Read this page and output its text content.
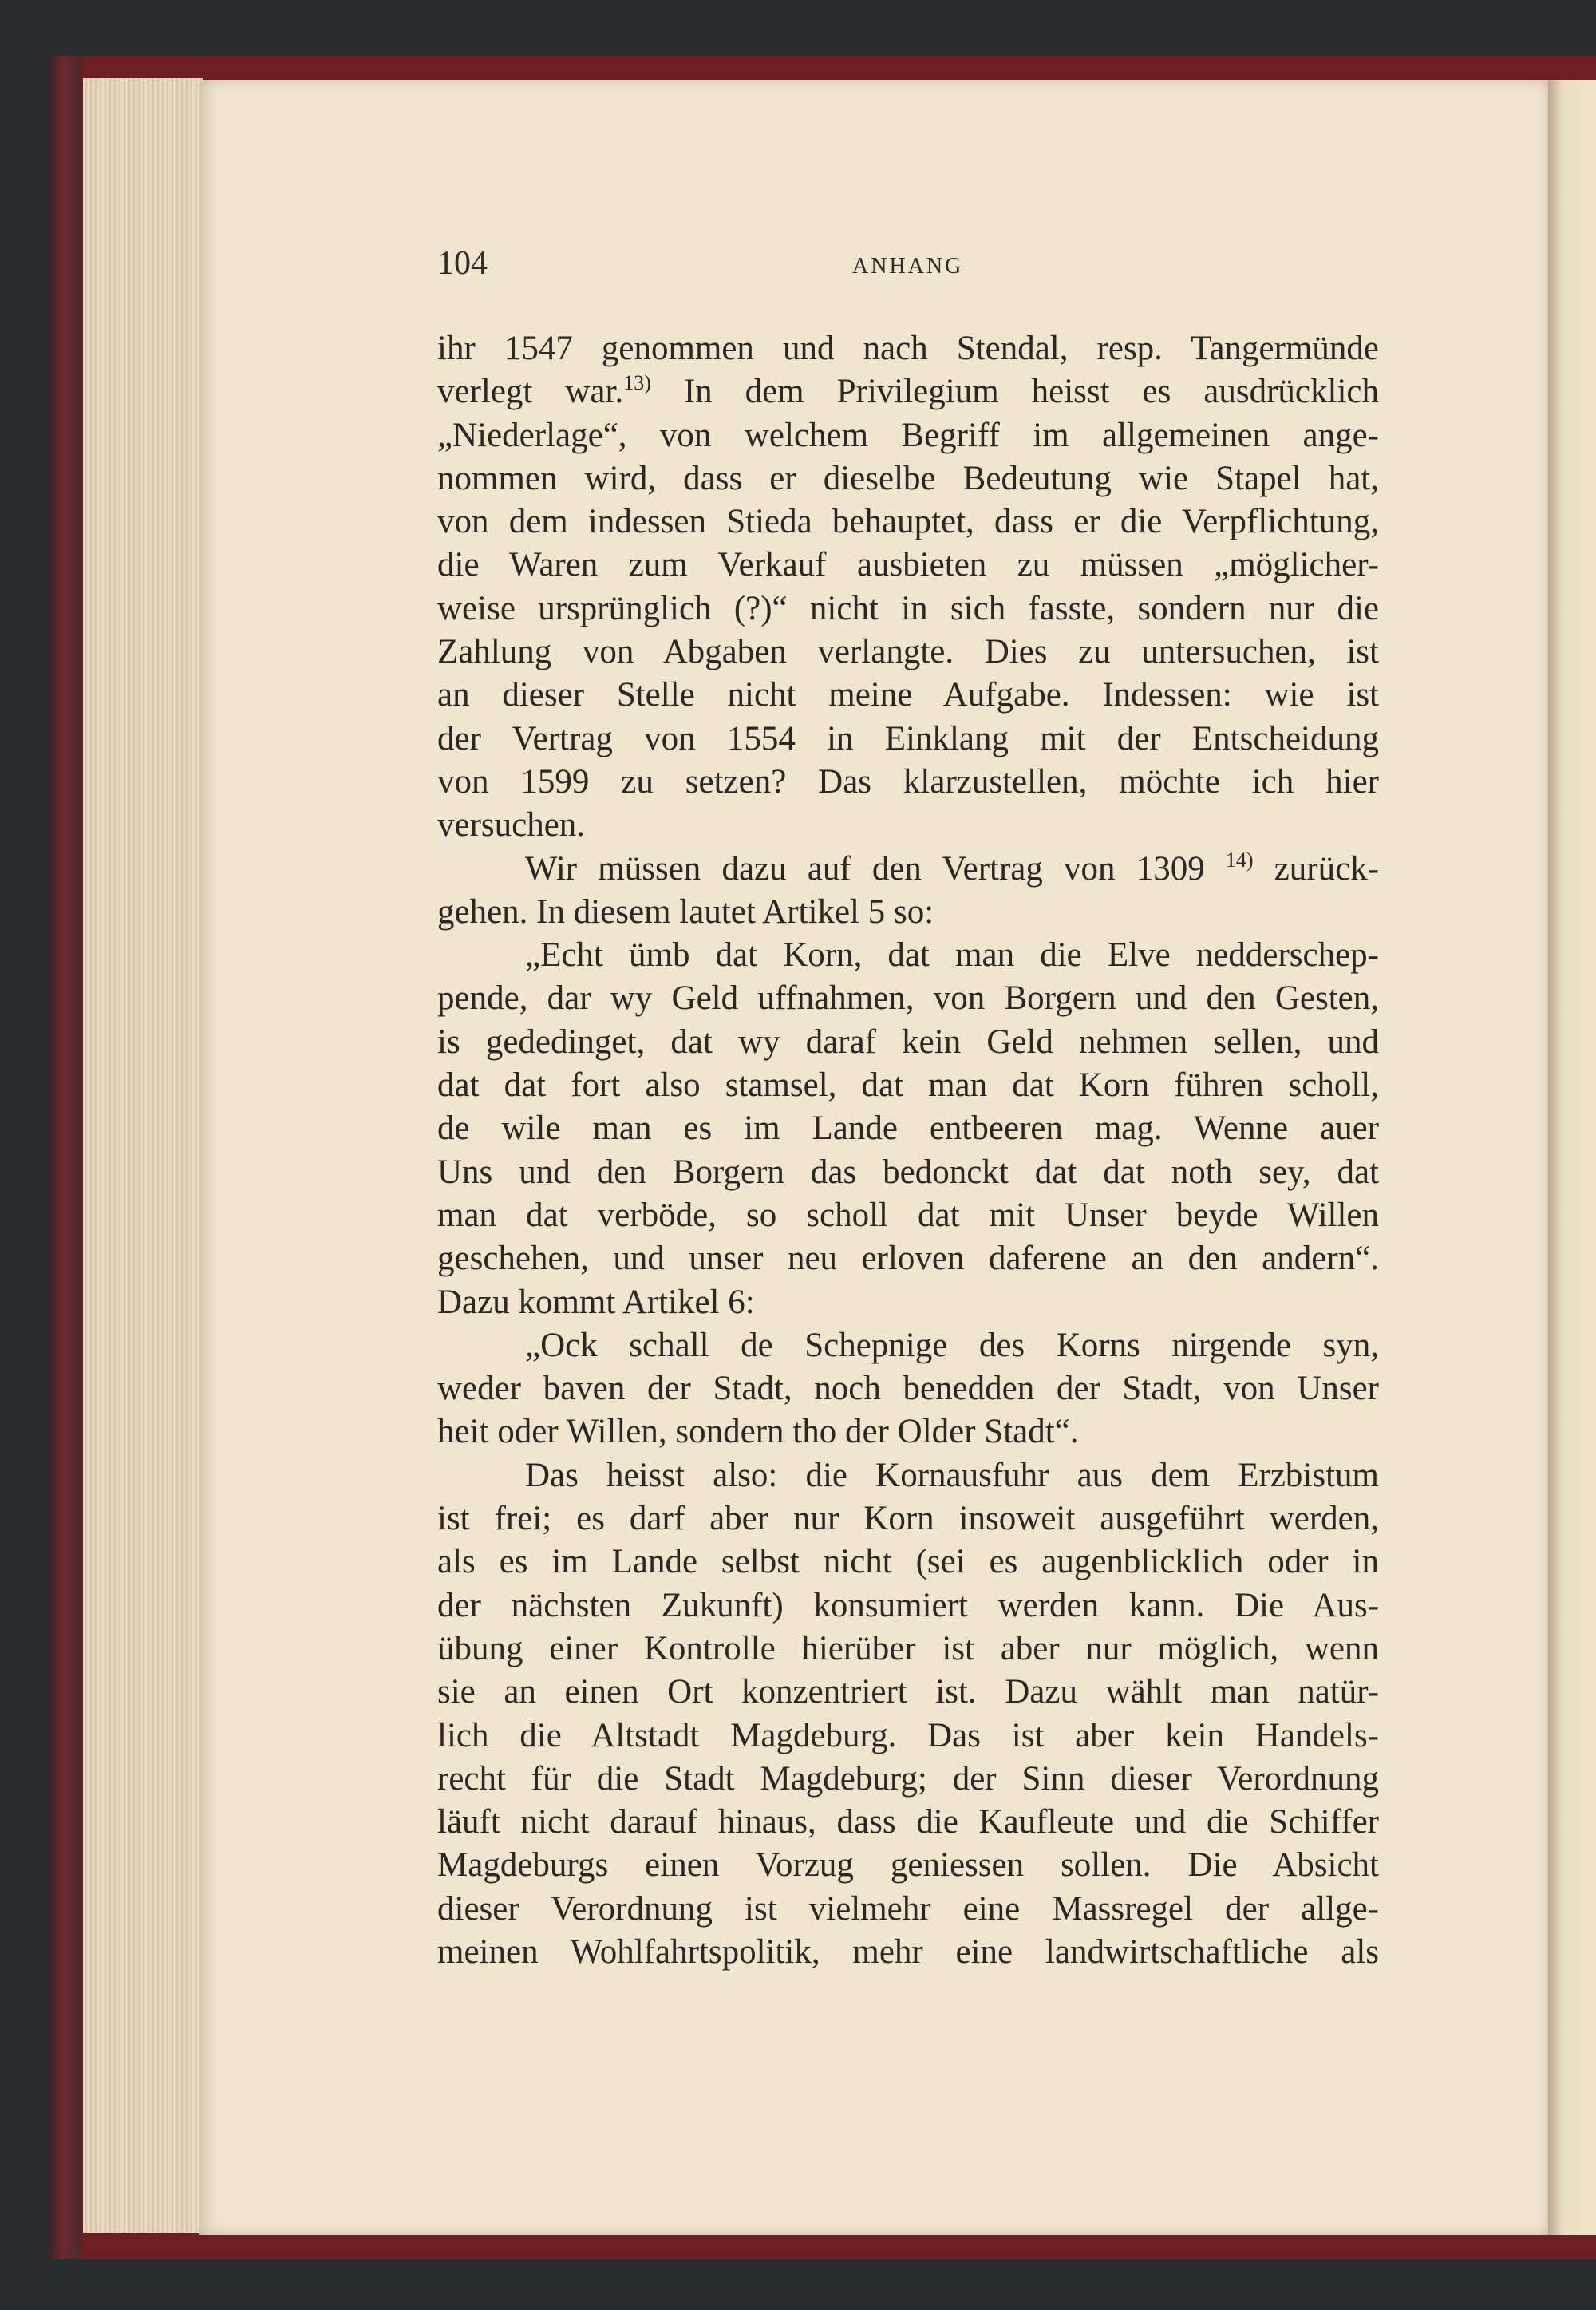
104	ANHANG
ihr 1547 genommen und nach Stendal, resp. Tangermünde
verlegt war.$^{13)}$ In dem Privilegium heisst es ausdrücklich
„Niederlage“, von welchem Begriff im allgemeinen ange-
nommen wird, dass er dieselbe Bedeutung wie Stapel hat,
von dem indessen Stieda behauptet, dass er die Verpflichtung,
die Waren zum Verkauf ausbieten zu müssen „möglicher-
weise ursprünglich (?)“ nicht in sich fasste, sondern nur die
Zahlung von Abgaben verlangte. Dies zu untersuchen, ist
an dieser Stelle nicht meine Aufgabe. Indessen: wie ist
der Vertrag von 1554 in Einklang mit der Entscheidung
von 1599 zu setzen? Das klarzustellen, möchte ich hier
versuchen.
Wir müssen dazu auf den Vertrag von 1309 $^{14)}$ zurück-
gehen. In diesem lautet Artikel 5 so:
„Echt ümb dat Korn, dat man die Elve nedderschep-
pende, dar wy Geld uffnahmen, von Borgern und den Gesten,
is gededinget, dat wy daraf kein Geld nehmen sellen, und
dat dat fort also stamsel, dat man dat Korn führen scholl,
de wile man es im Lande entbeeren mag. Wenne auer
Uns und den Borgern das bedonckt dat dat noth sey, dat
man dat verböde, so scholl dat mit Unser beyde Willen
geschehen, und unser neu erloven daferene an den andern“.
Dazu kommt Artikel 6:
„Ock schall de Schepnige des Korns nirgende syn,
weder baven der Stadt, noch benedden der Stadt, von Unser
heit oder Willen, sondern tho der Older Stadt“.
Das heisst also: die Kornausfuhr aus dem Erzbistum
ist frei; es darf aber nur Korn insoweit ausgeführt werden,
als es im Lande selbst nicht (sei es augenblicklich oder in
der nächsten Zukunft) konsumiert werden kann. Die Aus-
übung einer Kontrolle hierüber ist aber nur möglich, wenn
sie an einen Ort konzentriert ist. Dazu wählt man natür-
lich die Altstadt Magdeburg. Das ist aber kein Handels-
recht für die Stadt Magdeburg; der Sinn dieser Verordnung
läuft nicht darauf hinaus, dass die Kaufleute und die Schiffer
Magdeburgs einen Vorzug geniessen sollen. Die Absicht
dieser Verordnung ist vielmehr eine Massregel der allge-
meinen Wohlfahrtspolitik, mehr eine landwirtschaftliche als
